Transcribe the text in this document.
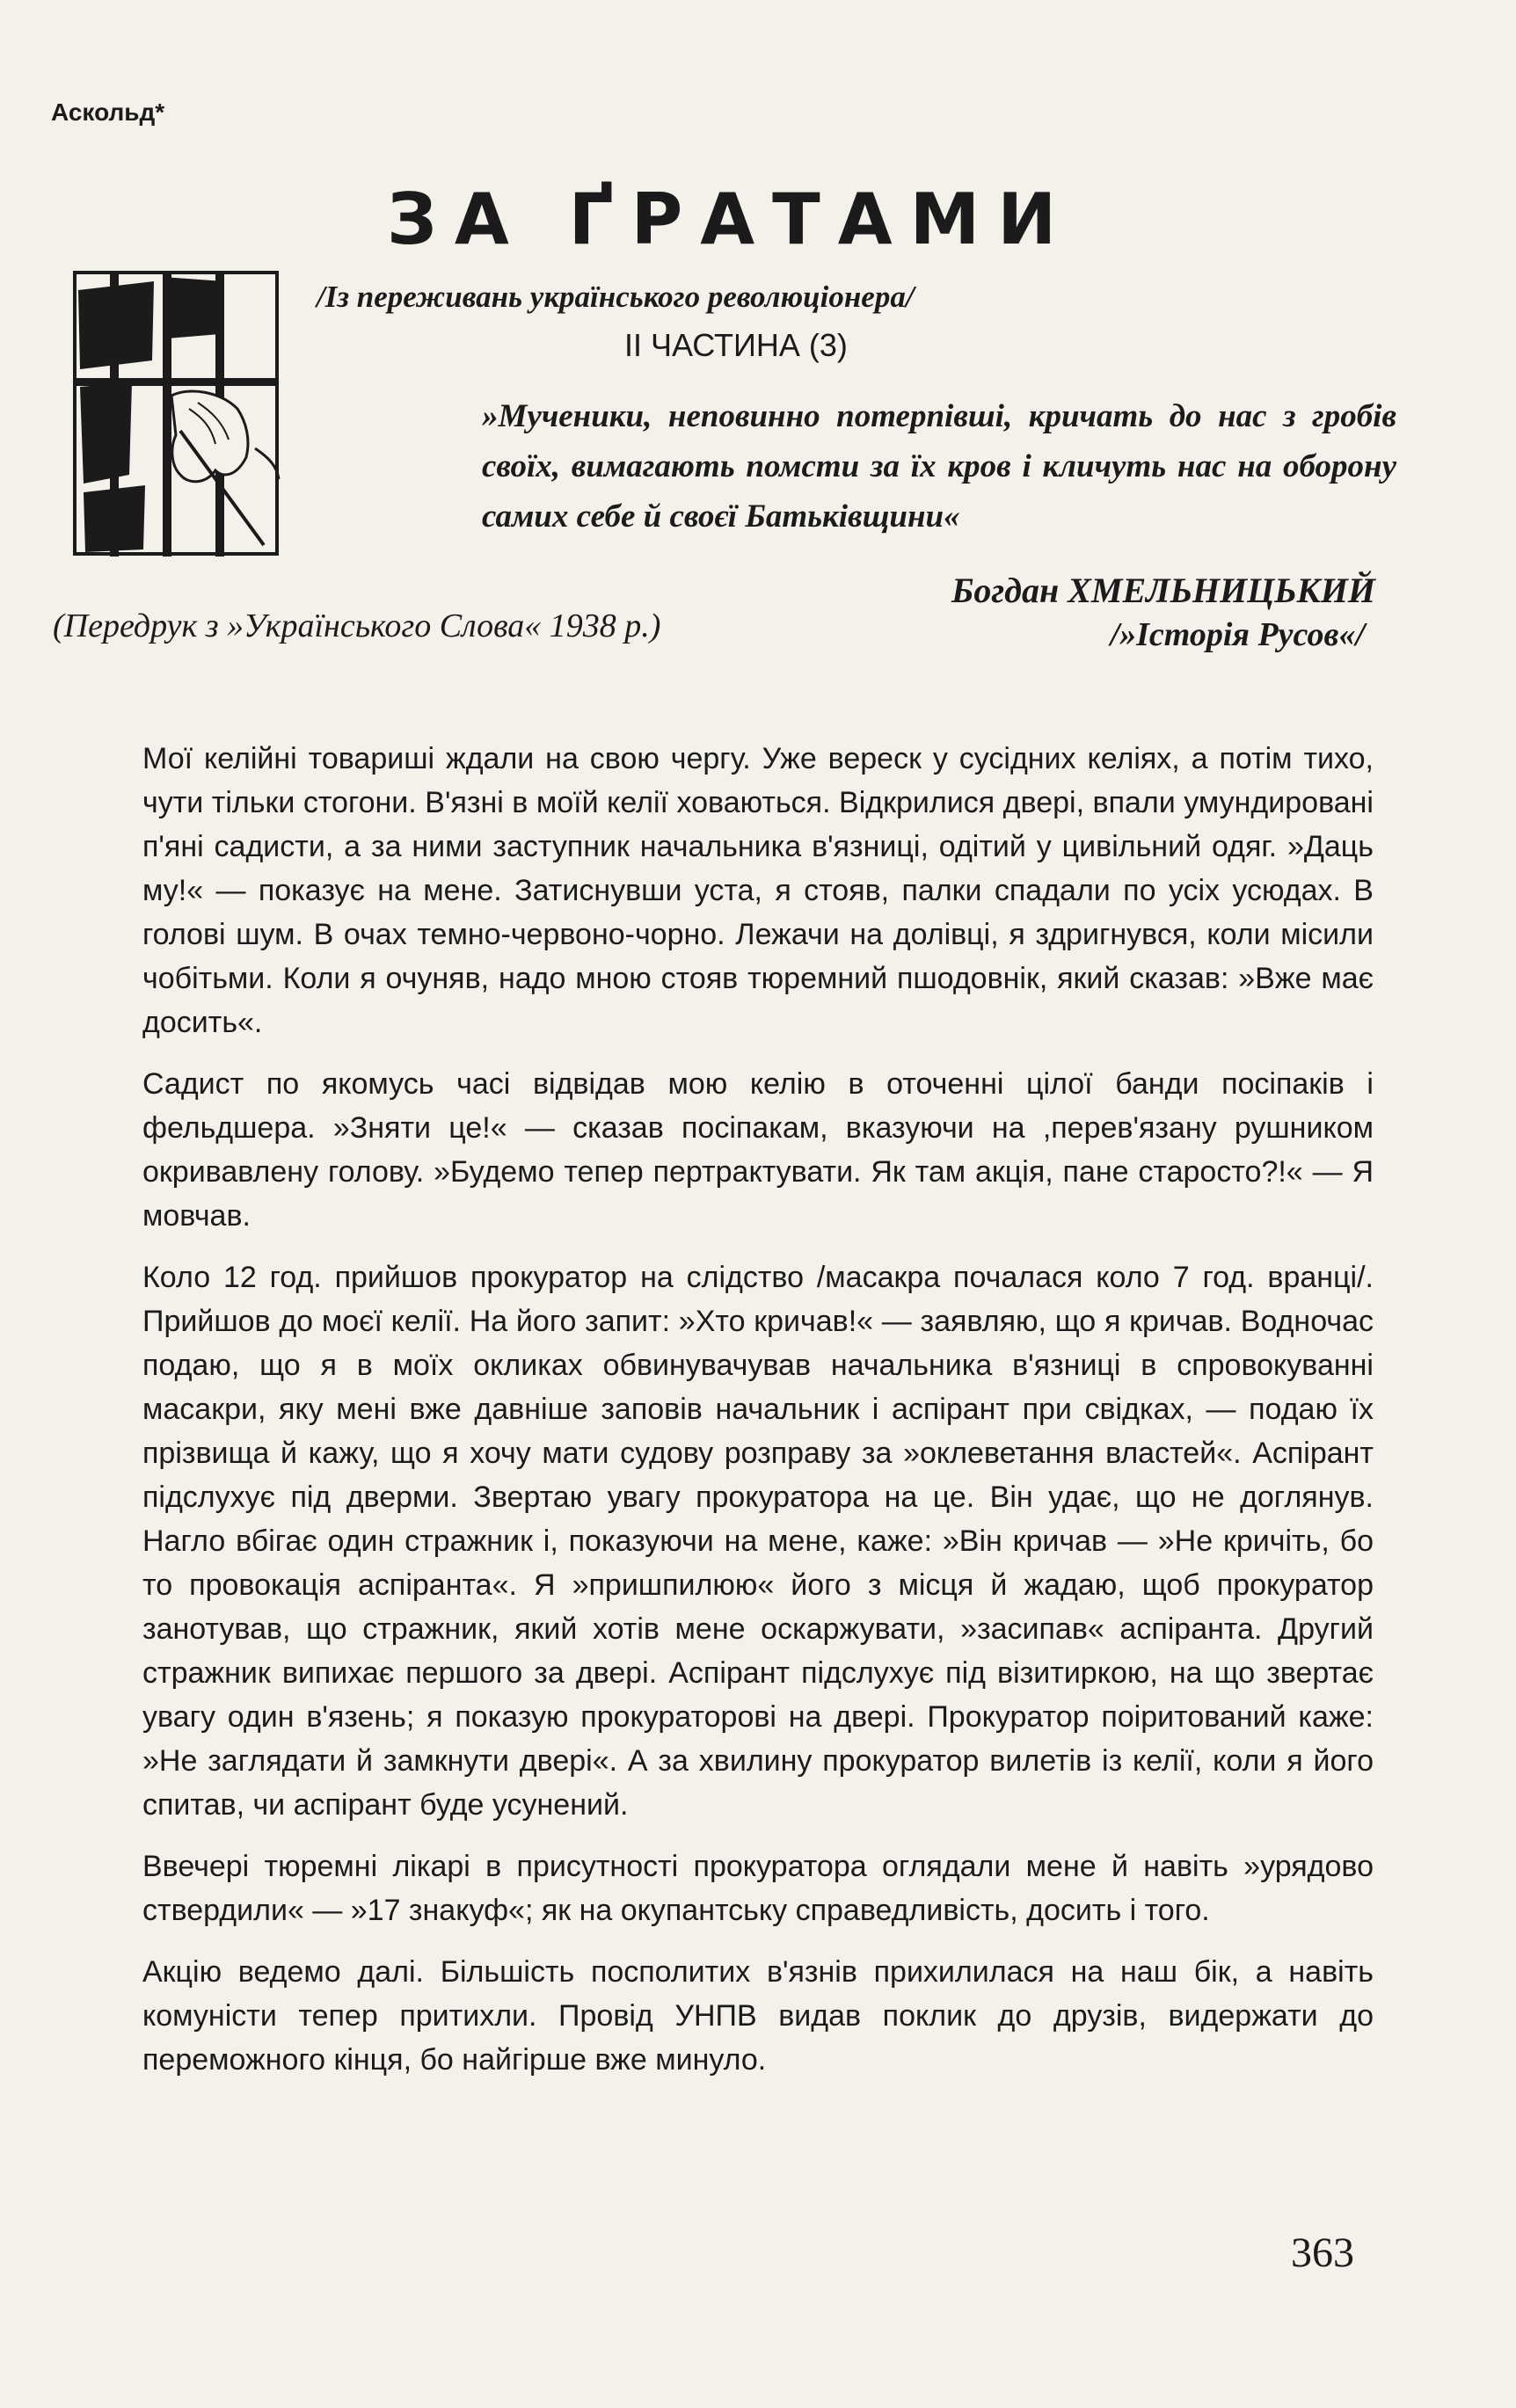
Аскольд*
ЗА ҐРАТАМИ
/Із переживань українського революціонера/
II ЧАСТИНА (3)
»Мученики, неповинно потерпівші, кричать до нас з гробів своїх, вимагають помсти за їх кров і кличуть нас на оборону самих себе й своєї Батьківщини«
Богдан ХМЕЛЬНИЦЬКИЙ
/»Історія Русов«/
(Передрук з »Українського Слова« 1938 р.)

Мої келійні товариші ждали на свою чергу. Уже вереск у сусідних келіях, а потім тихо, чути тільки стогони. В'язні в моїй келії ховаються. Відкрилися двері, впали умундировані п'яні садисти, а за ними заступник начальника в'язниці, одітий у цивільний одяг. »Даць му!« — показує на мене. Затиснувши уста, я стояв, палки спадали по усіх усюдах. В голові шум. В очах темно-червоно-чорно. Лежачи на долівці, я здригнувся, коли місили чобітьми. Коли я очуняв, надо мною стояв тюремний пшодовнік, який сказав: »Вже має досить«.

Садист по якомусь часі відвідав мою келію в оточенні цілої банди посіпаків і фельдшера. »Зняти це!« — сказав посіпакам, вказуючи на ,перев'язану рушником окривавлену голову. »Будемо тепер пертрактувати. Як там акція, пане старосто?!« — Я мовчав.

Коло 12 год. прийшов прокуратор на слідство /масакра почалася коло 7 год. вранці/. Прийшов до моєї келії. На його запит: »Хто кричав!« — заявляю, що я кричав. Водночас подаю, що я в моїх окликах обвинувачував начальника в'язниці в спровокуванні масакри, яку мені вже давніше заповів начальник і аспірант при свідках, — подаю їх прізвища й кажу, що я хочу мати судову розправу за »оклеветання властей«. Аспірант підслухує під дверми. Звертаю увагу прокуратора на це. Він удає, що не доглянув. Нагло вбігає один стражник і, показуючи на мене, каже: »Він кричав — »Не кричіть, бо то провокація аспіранта«. Я »пришпилюю« його з місця й жадаю, щоб прокуратор занотував, що стражник, який хотів мене оскаржувати, »засипав« аспіранта. Другий стражник випихає першого за двері. Аспірант підслухує під візитиркою, на що звертає увагу один в'язень; я показую прокураторові на двері. Прокуратор поіритований каже: »Не заглядати й замкнути двері«. А за хвилину прокуратор вилетів із келії, коли я його спитав, чи аспірант буде усунений.

Ввечері тюремні лікарі в присутності прокуратора оглядали мене й навіть »урядово ствердили« — »17 знакуф«; як на окупантську справедливість, досить і того.

Акцію ведемо далі. Більшість посполитих в'язнів прихилилася на наш бік, а навіть комуністи тепер притихли. Провід УНПВ видав поклик до друзів, видержати до переможного кінця, бо найгірше вже минуло.

363
